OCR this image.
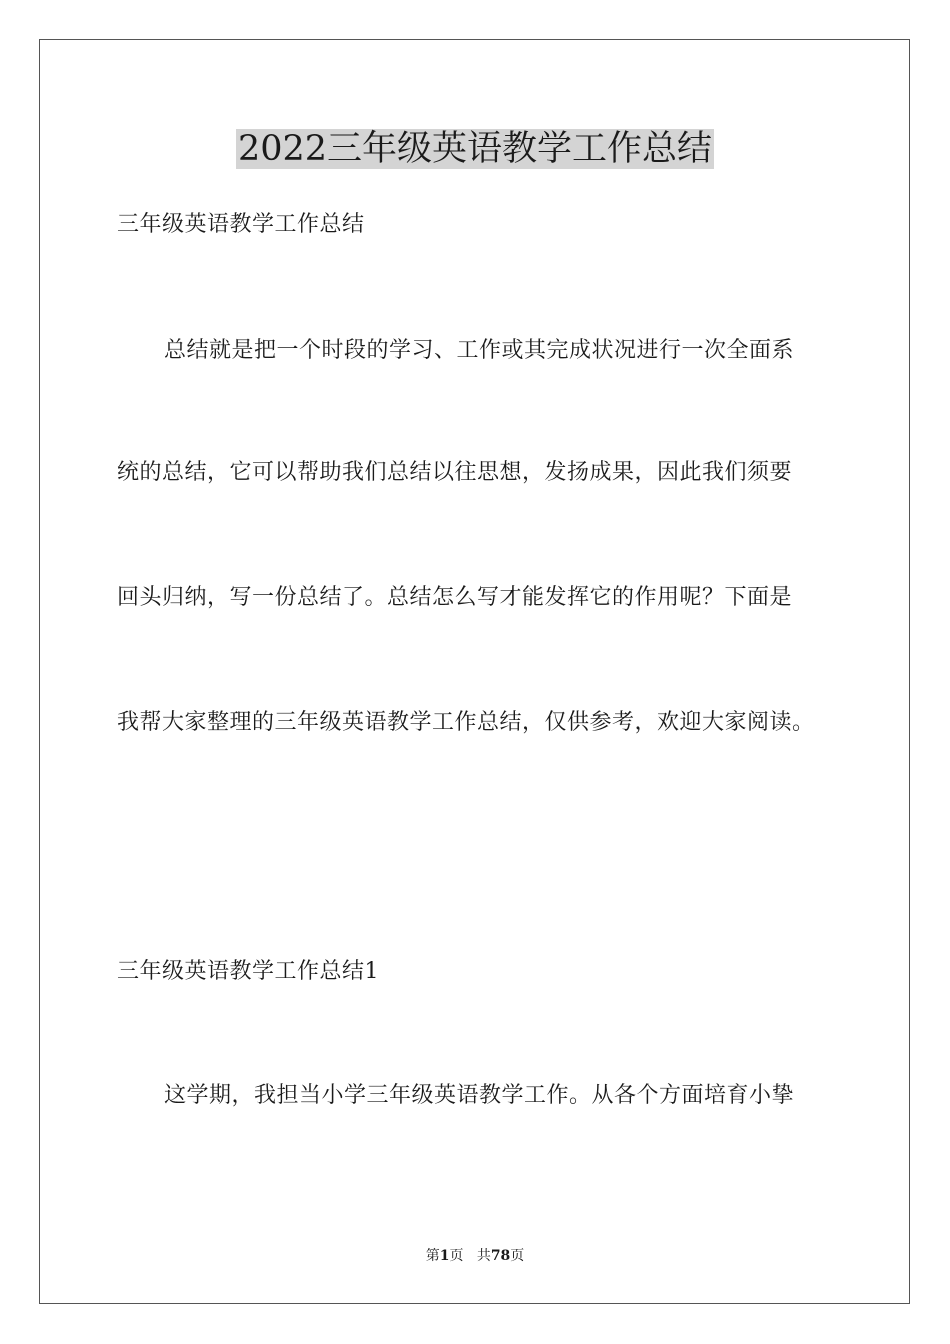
2022三年级英语教学工作总结

三年级英语教学工作总结

总结就是把一个时段的学习、工作或其完成状况进行一次全面系

统的总结，它可以帮助我们总结以往思想，发扬成果，因此我们须要

回头归纳，写一份总结了。总结怎么写才能发挥它的作用呢？下面是

我帮大家整理的三年级英语教学工作总结，仅供参考，欢迎大家阅读。

三年级英语教学工作总结1

这学期，我担当小学三年级英语教学工作。从各个方面培育小挚

第1页 共78页
